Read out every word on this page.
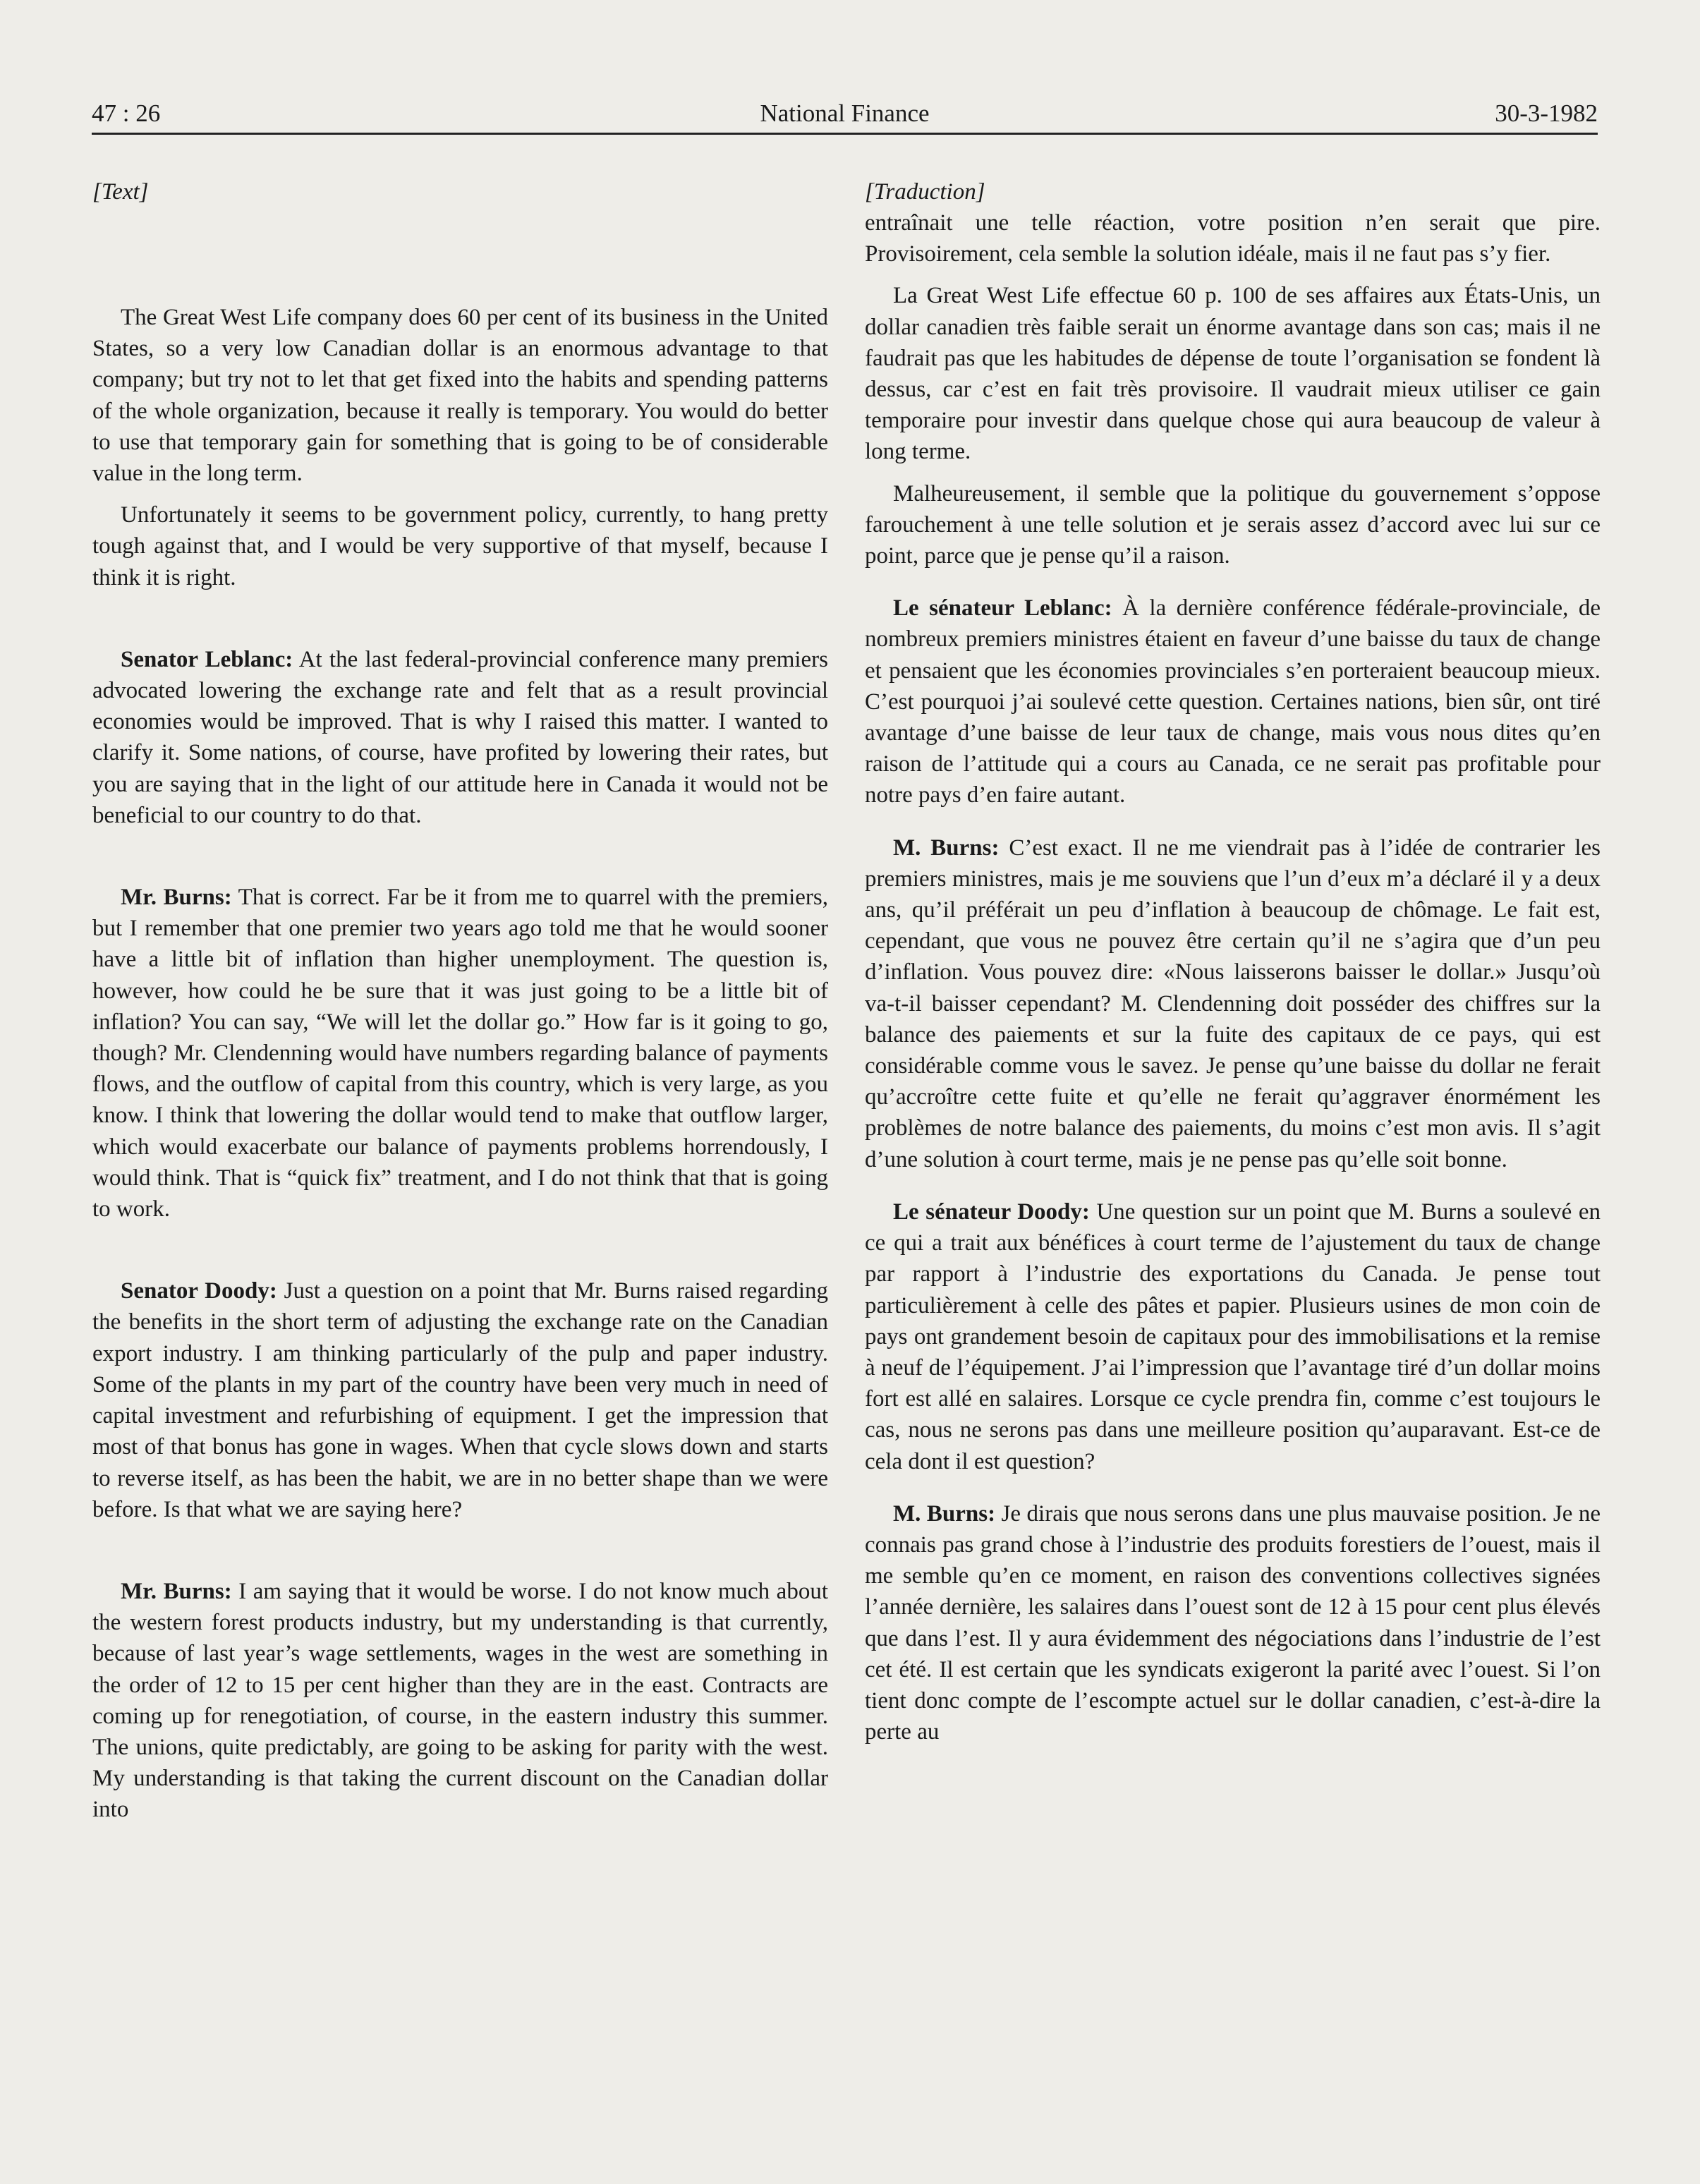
47 : 26	National Finance	30-3-1982
[Text]

The Great West Life company does 60 per cent of its business in the United States, so a very low Canadian dollar is an enormous advantage to that company; but try not to let that get fixed into the habits and spending patterns of the whole organization, because it really is temporary. You would do better to use that temporary gain for something that is going to be of considerable value in the long term.

Unfortunately it seems to be government policy, currently, to hang pretty tough against that, and I would be very supportive of that myself, because I think it is right.

Senator Leblanc: At the last federal-provincial conference many premiers advocated lowering the exchange rate and felt that as a result provincial economies would be improved. That is why I raised this matter. I wanted to clarify it. Some nations, of course, have profited by lowering their rates, but you are saying that in the light of our attitude here in Canada it would not be beneficial to our country to do that.

Mr. Burns: That is correct. Far be it from me to quarrel with the premiers, but I remember that one premier two years ago told me that he would sooner have a little bit of inflation than higher unemployment. The question is, however, how could he be sure that it was just going to be a little bit of inflation? You can say, “We will let the dollar go.” How far is it going to go, though? Mr. Clendenning would have numbers regarding balance of payments flows, and the outflow of capital from this country, which is very large, as you know. I think that lowering the dollar would tend to make that outflow larger, which would exacerbate our balance of payments problems horrendously, I would think. That is “quick fix” treatment, and I do not think that that is going to work.

Senator Doody: Just a question on a point that Mr. Burns raised regarding the benefits in the short term of adjusting the exchange rate on the Canadian export industry. I am thinking particularly of the pulp and paper industry. Some of the plants in my part of the country have been very much in need of capital investment and refurbishing of equipment. I get the impression that most of that bonus has gone in wages. When that cycle slows down and starts to reverse itself, as has been the habit, we are in no better shape than we were before. Is that what we are saying here?

Mr. Burns: I am saying that it would be worse. I do not know much about the western forest products industry, but my understanding is that currently, because of last year’s wage settlements, wages in the west are something in the order of 12 to 15 per cent higher than they are in the east. Contracts are coming up for renegotiation, of course, in the eastern industry this summer. The unions, quite predictably, are going to be asking for parity with the west. My understanding is that taking the current discount on the Canadian dollar into

[Traduction]

entraînait une telle réaction, votre position n’en serait que pire. Provisoirement, cela semble la solution idéale, mais il ne faut pas s’y fier.

La Great West Life effectue 60 p. 100 de ses affaires aux États-Unis, un dollar canadien très faible serait un énorme avantage dans son cas; mais il ne faudrait pas que les habitudes de dépense de toute l’organisation se fondent là dessus, car c’est en fait très provisoire. Il vaudrait mieux utiliser ce gain temporaire pour investir dans quelque chose qui aura beaucoup de valeur à long terme.

Malheureusement, il semble que la politique du gouvernement s’oppose farouchement à une telle solution et je serais assez d’accord avec lui sur ce point, parce que je pense qu’il a raison.

Le sénateur Leblanc: À la dernière conférence fédérale-provinciale, de nombreux premiers ministres étaient en faveur d’une baisse du taux de change et pensaient que les économies provinciales s’en porteraient beaucoup mieux. C’est pourquoi j’ai soulevé cette question. Certaines nations, bien sûr, ont tiré avantage d’une baisse de leur taux de change, mais vous nous dites qu’en raison de l’attitude qui a cours au Canada, ce ne serait pas profitable pour notre pays d’en faire autant.

M. Burns: C’est exact. Il ne me viendrait pas à l’idée de contrarier les premiers ministres, mais je me souviens que l’un d’eux m’a déclaré il y a deux ans, qu’il préférait un peu d’inflation à beaucoup de chômage. Le fait est, cependant, que vous ne pouvez être certain qu’il ne s’agira que d’un peu d’inflation. Vous pouvez dire: «Nous laisserons baisser le dollar.» Jusqu’où va-t-il baisser cependant? M. Clendenning doit posséder des chiffres sur la balance des paiements et sur la fuite des capitaux de ce pays, qui est considérable comme vous le savez. Je pense qu’une baisse du dollar ne ferait qu’accroître cette fuite et qu’elle ne ferait qu’aggraver énormément les problèmes de notre balance des paiements, du moins c’est mon avis. Il s’agit d’une solution à court terme, mais je ne pense pas qu’elle soit bonne.

Le sénateur Doody: Une question sur un point que M. Burns a soulevé en ce qui a trait aux bénéfices à court terme de l’ajustement du taux de change par rapport à l’industrie des exportations du Canada. Je pense tout particulièrement à celle des pâtes et papier. Plusieurs usines de mon coin de pays ont grandement besoin de capitaux pour des immobilisations et la remise à neuf de l’équipement. J’ai l’impression que l’avantage tiré d’un dollar moins fort est allé en salaires. Lorsque ce cycle prendra fin, comme c’est toujours le cas, nous ne serons pas dans une meilleure position qu’auparavant. Est-ce de cela dont il est question?

M. Burns: Je dirais que nous serons dans une plus mauvaise position. Je ne connais pas grand chose à l’industrie des produits forestiers de l’ouest, mais il me semble qu’en ce moment, en raison des conventions collectives signées l’année dernière, les salaires dans l’ouest sont de 12 à 15 pour cent plus élevés que dans l’est. Il y aura évidemment des négociations dans l’industrie de l’est cet été. Il est certain que les syndicats exigeront la parité avec l’ouest. Si l’on tient donc compte de l’escompte actuel sur le dollar canadien, c’est-à-dire la perte au
